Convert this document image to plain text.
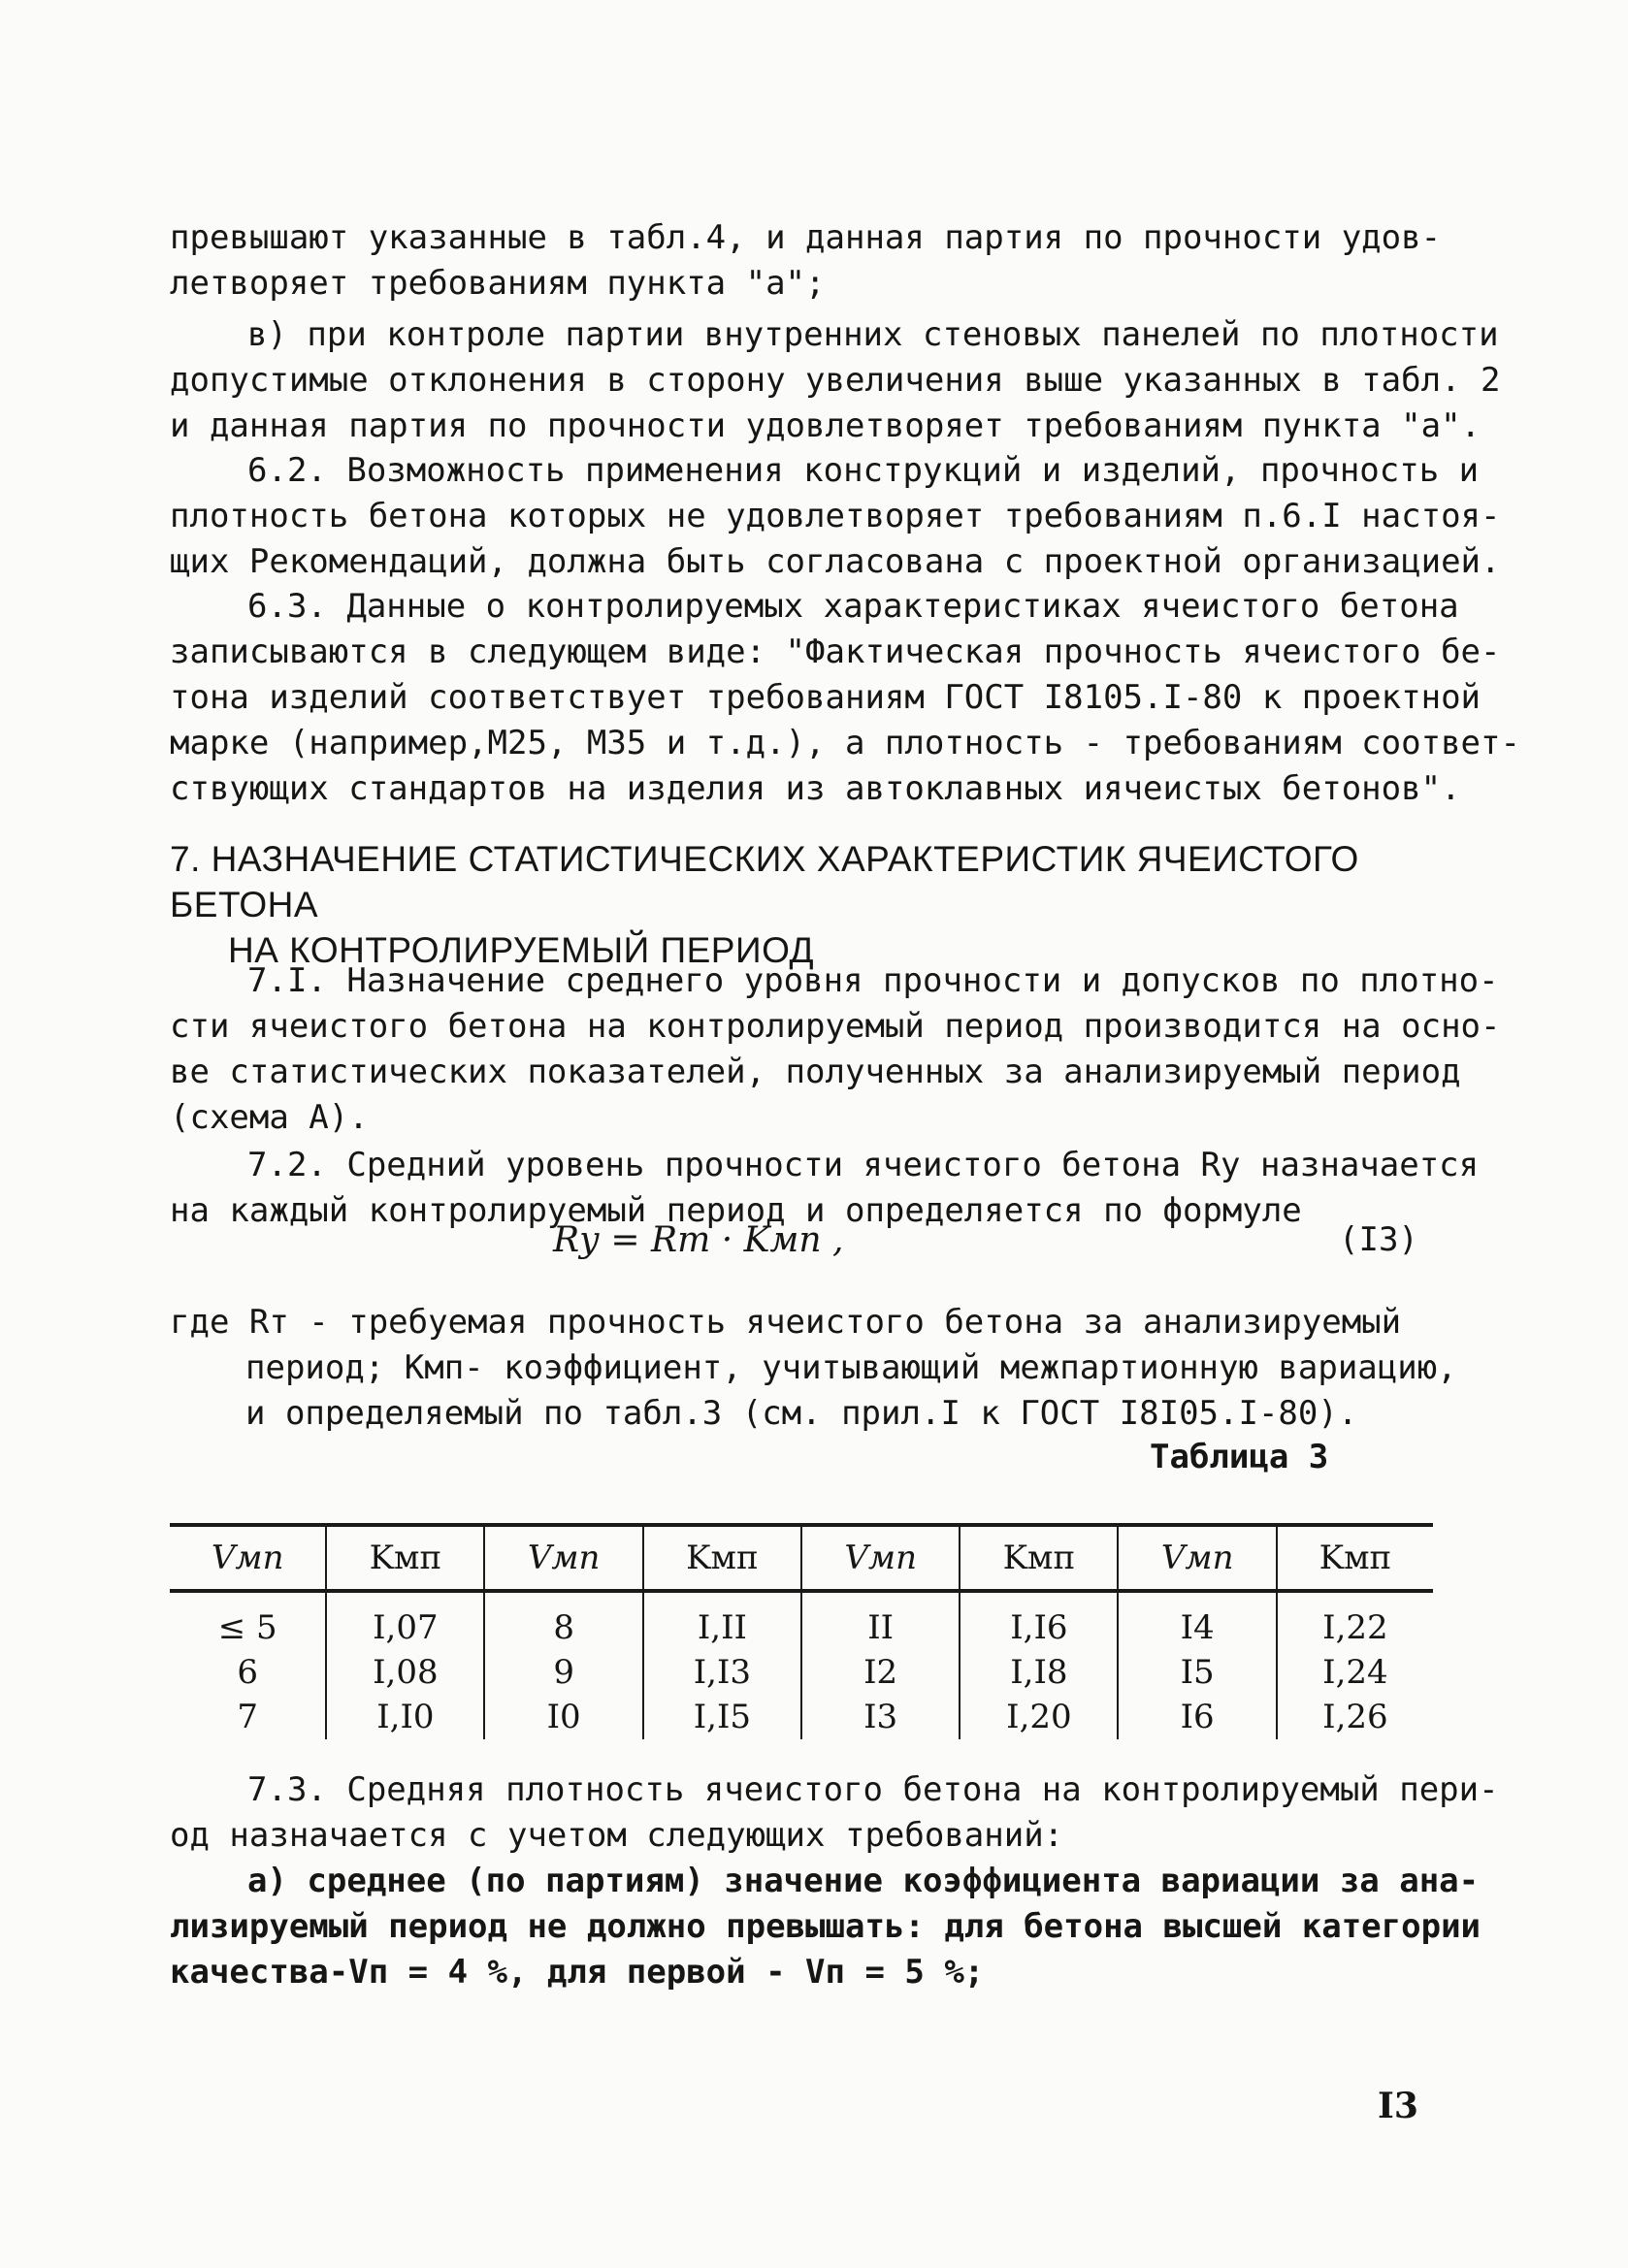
превышают указанные в табл.4, и данная партия по прочности удов-
летворяет требованиям пункта "а";
в) при контроле партии внутренних стеновых панелей по плотности
допустимые отклонения в сторону увеличения выше указанных в табл. 2
и данная партия по прочности удовлетворяет требованиям пункта "а".
6.2. Возможность применения конструкций и изделий, прочность и
плотность бетона которых не удовлетворяет требованиям п.6.I настоя-
щих Рекомендаций, должна быть согласована с проектной организацией.
6.3. Данные о контролируемых характеристиках ячеистого бетона
записываются в следующем виде: "Фактическая прочность ячеистого бе-
тона изделий соответствует требованиям ГОСТ I8105.I-80 к проектной
марке (например,М25, М35 и т.д.), а плотность - требованиям соответ-
ствующих стандартов на изделия из автоклавных иячеистых бетонов".
7. НАЗНАЧЕНИЕ СТАТИСТИЧЕСКИХ ХАРАКТЕРИСТИК ЯЧЕИСТОГО БЕТОНА
НА КОНТРОЛИРУЕМЫЙ ПЕРИОД
7.I. Назначение среднего уровня прочности и допусков по плотно-
сти ячеистого бетона на контролируемый период производится на осно-
ве статистических показателей, полученных за анализируемый период
(схема А).
7.2. Средний уровень прочности ячеистого бетона Rу назначается
на каждый контролируемый период и определяется по формуле
Rу = Rт · Kмп ,	(I3)
где Rт - требуемая прочность ячеистого бетона за анализируемый
период; Kмп- коэффициент, учитывающий межпартионную вариацию,
и определяемый по табл.3 (см. прил.I к ГОСТ I8I05.I-80).
Таблица 3
Vмп	Kмп	Vмп	Kмп	Vмп	Kмп	Vмп	Kмп
≤ 5	I,07	8	I,II	II	I,I6	I4	I,22
6	I,08	9	I,I3	I2	I,I8	I5	I,24
7	I,I0	I0	I,I5	I3	I,20	I6	I,26
7.3. Средняя плотность ячеистого бетона на контролируемый пери-
од назначается с учетом следующих требований:
а) среднее (по партиям) значение коэффициента вариации за ана-
лизируемый период не должно превышать: для бетона высшей категории
качества-Vп = 4 %, для первой - Vп = 5 %;
I3
